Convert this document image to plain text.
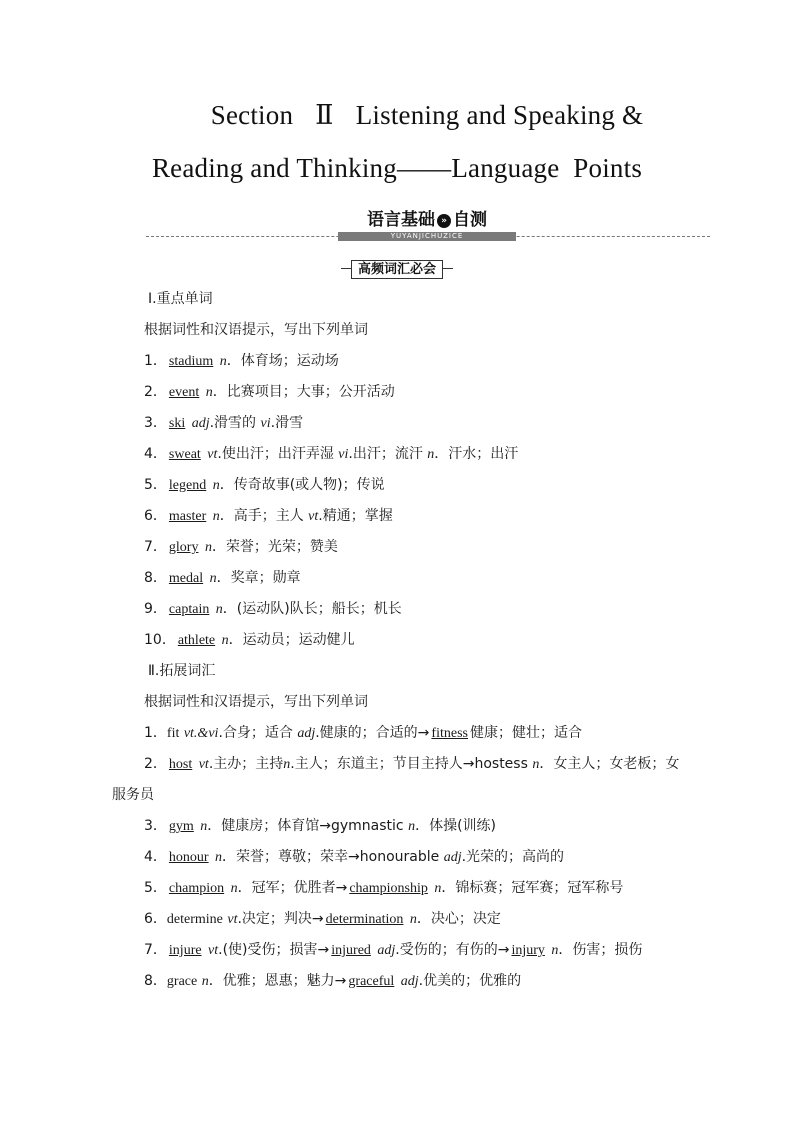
Section Ⅱ Listening and Speaking &
Reading and Thinking——Language Points
YUYANJICHUZICE
语言基础 » 自测
高频词汇必会
Ⅰ.重点单词
根据词性和汉语提示，写出下列单词
1． stadium n．体育场；运动场
2． event n．比赛项目；大事；公开活动
3． ski adj.滑雪的 vi.滑雪
4． sweat vt.使出汗；出汗弄湿 vi.出汗；流汗 n．汗水；出汗
5． legend n．传奇故事(或人物)；传说
6． master n．高手；主人 vt.精通；掌握
7． glory n．荣誉；光荣；赞美
8． medal n．奖章；勋章
9． captain n．(运动队)队长；船长；机长
10． athlete n．运动员；运动健儿
Ⅱ.拓展词汇
根据词性和汉语提示，写出下列单词
1．fit vt.&vi.合身；适合 adj.健康的；合适的→ fitness 健康；健壮；适合
2． host vt.主办；主持n.主人；东道主；节目主持人→hostess n．女主人；女老板；女服务员
3． gym n．健康房；体育馆→gymnastic n．体操(训练)
4． honour n．荣誉；尊敬；荣幸→honourable adj.光荣的；高尚的
5． champion n．冠军；优胜者→ championship n．锦标赛；冠军赛；冠军称号
6．determine vt.决定；判决→ determination n．决心；决定
7． injure vt.(使)受伤；损害→ injured adj.受伤的；有伤的→ injury n．伤害；损伤
8．grace n．优雅；恩惠；魅力→ graceful adj.优美的；优雅的
